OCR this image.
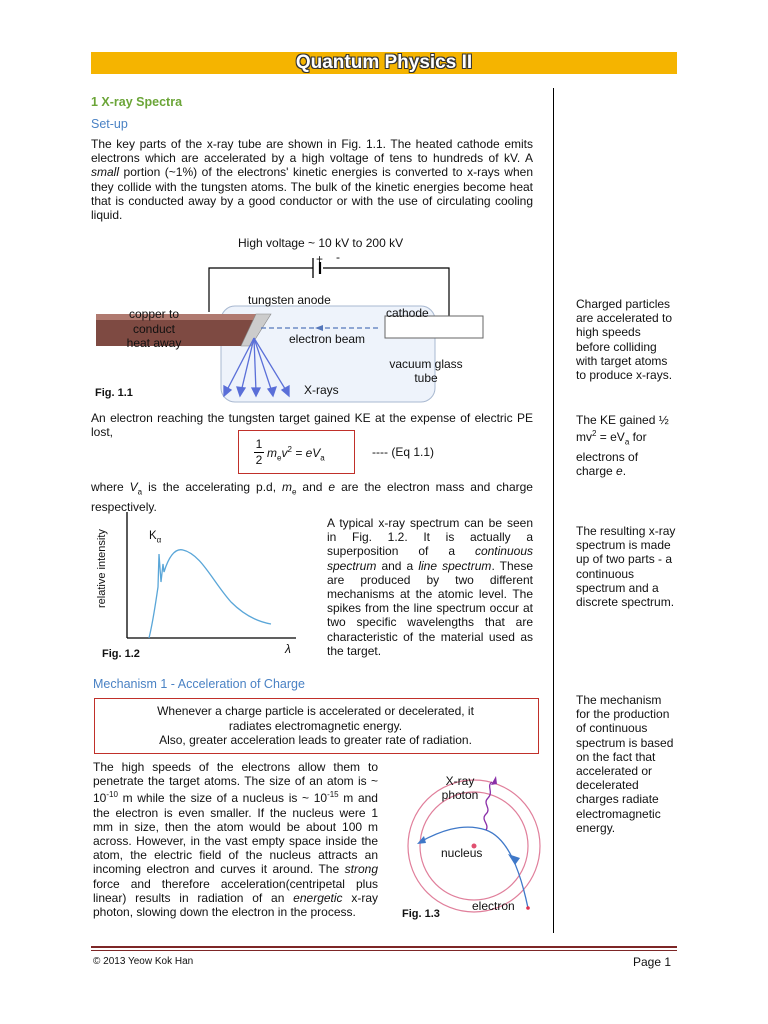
Quantum Physics II
1 X-ray Spectra
Set-up
The key parts of the x-ray tube are shown in Fig. 1.1. The heated cathode emits electrons which are accelerated by a high voltage of tens to hundreds of kV. A small portion (~1%) of the electrons' kinetic energies is converted to x-rays when they collide with the tungsten atoms. The bulk of the kinetic energies become heat that is conducted away by a good conductor or with the use of circulating cooling liquid.
High voltage ~ 10 kV to 200 kV
+ -
copper to
conduct
heat away
tungsten anode
cathode
electron beam
vacuum glass
tube
X-rays
Fig. 1.1
An electron reaching the tungsten target gained KE at the expense of electric PE lost,
1
2 $m_ev^2 = eV_a$	---- (Eq 1.1)
where $V_a$ is the accelerating p.d, $m_e$ and e are the electron mass and charge respectively.
relative intensity	$K_\alpha$
λ
Fig. 1.2
A typical x-ray spectrum can be seen in Fig. 1.2. It is actually a superposition of a continuous spectrum and a line spectrum. These are produced by two different mechanisms at the atomic level. The spikes from the line spectrum occur at two specific wavelengths that are characteristic of the material used as the target.
Mechanism 1 - Acceleration of Charge
Whenever a charge particle is accelerated or decelerated, it
radiates electromagnetic energy.
Also, greater acceleration leads to greater rate of radiation.
The high speeds of the electrons allow them to penetrate the target atoms. The size of an atom is ~ $10^{-10}$ m while the size of a nucleus is ~ $10^{-15}$ m and the electron is even smaller. If the nucleus were 1 mm in size, then the atom would be about 100 m across. However, in the vast empty space inside the atom, the electric field of the nucleus attracts an incoming electron and curves it around. The strong force and therefore acceleration(centripetal plus linear) results in radiation of an energetic x-ray photon, slowing down the electron in the process.
X-ray
photon
nucleus
electron
Fig. 1.3
Charged particles are accelerated to high speeds before colliding with target atoms to produce x-rays.
The KE gained ½ $mv^2 = eV_a$ for electrons of charge e.
The resulting x-ray spectrum is made up of two parts - a continuous spectrum and a discrete spectrum.
The mechanism for the production of continuous spectrum is based on the fact that accelerated or decelerated charges radiate electromagnetic energy.
© 2013 Yeow Kok Han	Page 1
